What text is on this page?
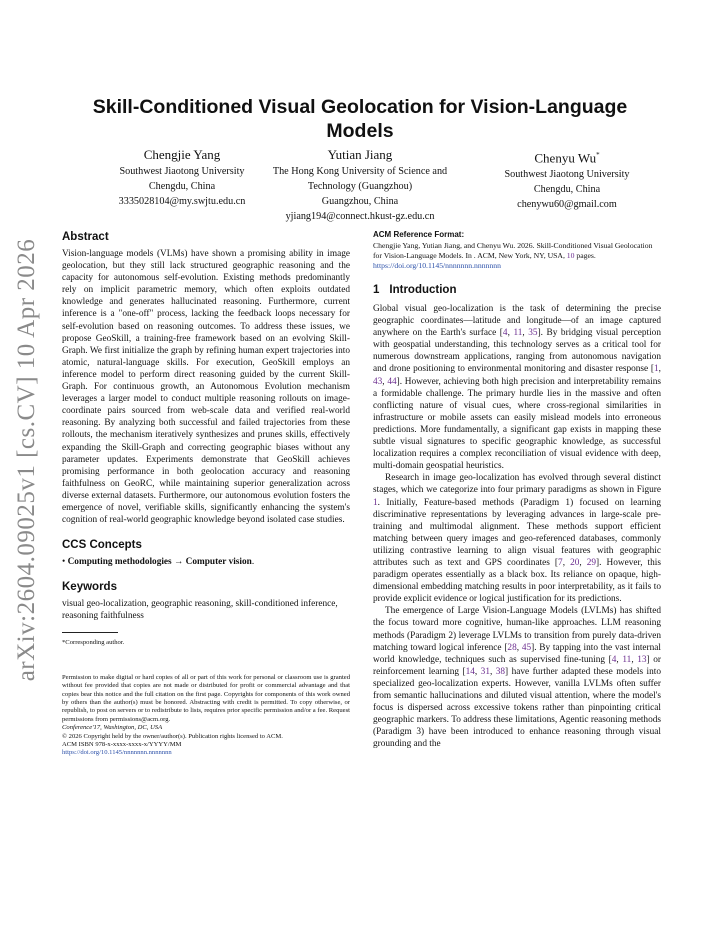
arXiv:2604.09025v1 [cs.CV] 10 Apr 2026
Skill-Conditioned Visual Geolocation for Vision-Language Models
Chengjie Yang
Southwest Jiaotong University
Chengdu, China
3335028104@my.swjtu.edu.cn
Yutian Jiang
The Hong Kong University of Science and Technology (Guangzhou)
Guangzhou, China
yjiang194@connect.hkust-gz.edu.cn
Chenyu Wu*
Southwest Jiaotong University
Chengdu, China
chenywu60@gmail.com
Abstract

Vision-language models (VLMs) have shown a promising ability in image geolocation, but they still lack structured geographic reasoning and the capacity for autonomous self-evolution. Existing methods predominantly rely on implicit parametric memory, which often exploits outdated knowledge and generates hallucinated reasoning. Furthermore, current inference is a "one-off" process, lacking the feedback loops necessary for self-evolution based on reasoning outcomes. To address these issues, we propose GeoSkill, a training-free framework based on an evolving Skill-Graph. We first initialize the graph by refining human expert trajectories into atomic, natural-language skills. For execution, GeoSkill employs an inference model to perform direct reasoning guided by the current Skill-Graph. For continuous growth, an Autonomous Evolution mechanism leverages a larger model to conduct multiple reasoning rollouts on image-coordinate pairs sourced from web-scale data and verified real-world reasoning. By analyzing both successful and failed trajectories from these rollouts, the mechanism iteratively synthesizes and prunes skills, effectively expanding the Skill-Graph and correcting geographic biases without any parameter updates. Experiments demonstrate that GeoSkill achieves promising performance in both geolocation accuracy and reasoning faithfulness on GeoRC, while maintaining superior generalization across diverse external datasets. Furthermore, our autonomous evolution fosters the emergence of novel, verifiable skills, significantly enhancing the system's cognition of real-world geographic knowledge beyond isolated case studies.

CCS Concepts

• Computing methodologies → Computer vision.

Keywords

visual geo-localization, geographic reasoning, skill-conditioned inference, reasoning faithfulness

*Corresponding author.
Permission to make digital or hard copies of all or part of this work for personal or classroom use is granted without fee provided that copies are not made or distributed for profit or commercial advantage and that copies bear this notice and the full citation on the first page. Copyrights for components of this work owned by others than the author(s) must be honored. Abstracting with credit is permitted. To copy otherwise, or republish, to post on servers or to redistribute to lists, requires prior specific permission and/or a fee. Request permissions from permissions@acm.org.
Conference'17, Washington, DC, USA
© 2026 Copyright held by the owner/author(s). Publication rights licensed to ACM.
ACM ISBN 978-x-xxxx-xxxx-x/YYYY/MM
https://doi.org/10.1145/nnnnnnn.nnnnnnn
ACM Reference Format:

Chengjie Yang, Yutian Jiang, and Chenyu Wu. 2026. Skill-Conditioned Visual Geolocation for Vision-Language Models. In . ACM, New York, NY, USA, 10 pages. https://doi.org/10.1145/nnnnnnn.nnnnnnn

1 Introduction

Global visual geo-localization is the task of determining the precise geographic coordinates—latitude and longitude—of an image captured anywhere on the Earth's surface [4, 11, 35]. By bridging visual perception with geospatial understanding, this technology serves as a critical tool for numerous downstream applications, ranging from autonomous navigation and drone positioning to environmental monitoring and disaster response [1, 43, 44]. However, achieving both high precision and interpretability remains a formidable challenge. The primary hurdle lies in the massive and often conflicting nature of visual cues, where cross-regional similarities in infrastructure or mobile assets can easily mislead models into erroneous predictions. More fundamentally, a significant gap exists in mapping these subtle visual signatures to specific geographic knowledge, as successful localization requires a complex reconciliation of visual evidence with deep, multi-domain geospatial heuristics.

Research in image geo-localization has evolved through several distinct stages, which we categorize into four primary paradigms as shown in Figure 1. Initially, Feature-based methods (Paradigm 1) focused on learning discriminative representations by leveraging advances in large-scale pre-training and multimodal alignment. These methods support efficient matching between query images and geo-referenced databases, commonly utilizing contrastive learning to align visual features with geographic attributes such as text and GPS coordinates [7, 20, 29]. However, this paradigm operates essentially as a black box. Its reliance on opaque, high-dimensional embedding matching results in poor interpretability, as it fails to provide explicit evidence or logical justification for its predictions.

The emergence of Large Vision-Language Models (LVLMs) has shifted the focus toward more cognitive, human-like approaches. LLM reasoning methods (Paradigm 2) leverage LVLMs to transition from purely data-driven matching toward logical inference [28, 45]. By tapping into the vast internal world knowledge, techniques such as supervised fine-tuning [4, 11, 13] or reinforcement learning [14, 31, 38] have further adapted these models into specialized geo-localization experts. However, vanilla LVLMs often suffer from semantic hallucinations and diluted visual attention, where the model's focus is dispersed across excessive tokens rather than pinpointing critical geographic markers. To address these limitations, Agentic reasoning methods (Paradigm 3) have been introduced to enhance reasoning through visual grounding and the
